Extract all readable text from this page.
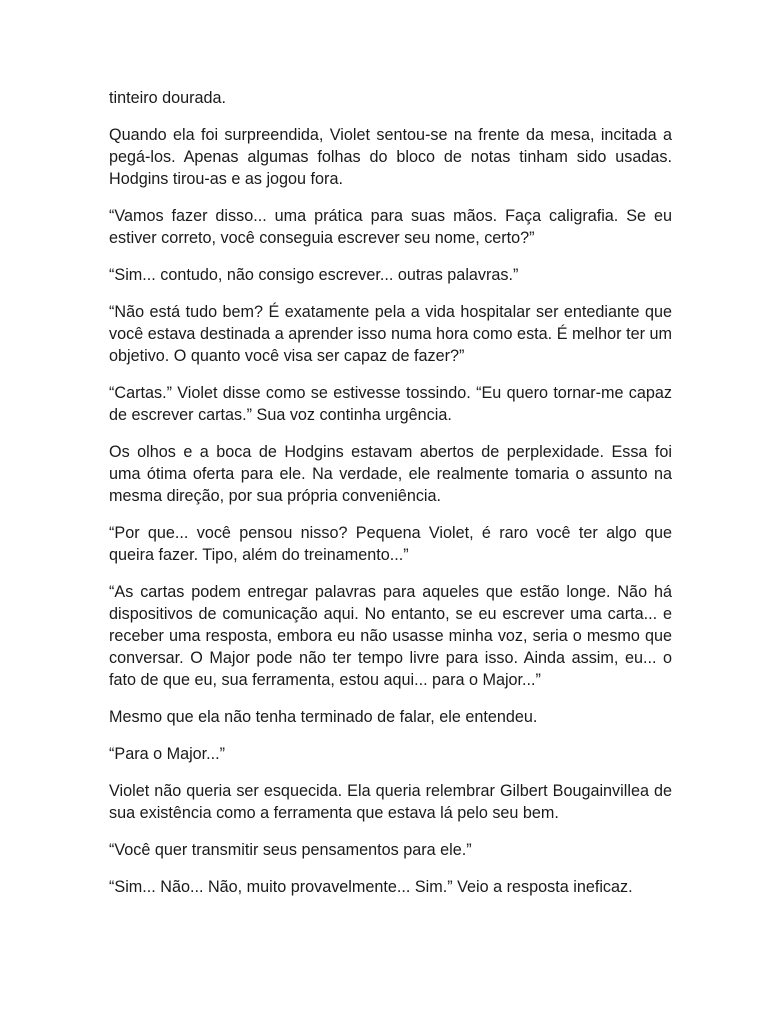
tinteiro dourada.

Quando ela foi surpreendida, Violet sentou-se na frente da mesa, incitada a pegá-los. Apenas algumas folhas do bloco de notas tinham sido usadas. Hodgins tirou-as e as jogou fora.

“Vamos fazer disso... uma prática para suas mãos. Faça caligrafia. Se eu estiver correto, você conseguia escrever seu nome, certo?”

“Sim... contudo, não consigo escrever... outras palavras.”

“Não está tudo bem? É exatamente pela a vida hospitalar ser entediante que você estava destinada a aprender isso numa hora como esta. É melhor ter um objetivo. O quanto você visa ser capaz de fazer?”

“Cartas.” Violet disse como se estivesse tossindo. “Eu quero tornar-me capaz de escrever cartas.” Sua voz continha urgência.

Os olhos e a boca de Hodgins estavam abertos de perplexidade. Essa foi uma ótima oferta para ele. Na verdade, ele realmente tomaria o assunto na mesma direção, por sua própria conveniência.

“Por que... você pensou nisso? Pequena Violet, é raro você ter algo que queira fazer. Tipo, além do treinamento...”

“As cartas podem entregar palavras para aqueles que estão longe. Não há dispositivos de comunicação aqui. No entanto, se eu escrever uma carta... e receber uma resposta, embora eu não usasse minha voz, seria o mesmo que conversar. O Major pode não ter tempo livre para isso. Ainda assim, eu... o fato de que eu, sua ferramenta, estou aqui... para o Major...”

Mesmo que ela não tenha terminado de falar, ele entendeu.

“Para o Major...”

Violet não queria ser esquecida. Ela queria relembrar Gilbert Bougainvillea de sua existência como a ferramenta que estava lá pelo seu bem.

“Você quer transmitir seus pensamentos para ele.”

“Sim... Não... Não, muito provavelmente... Sim.” Veio a resposta ineficaz.
